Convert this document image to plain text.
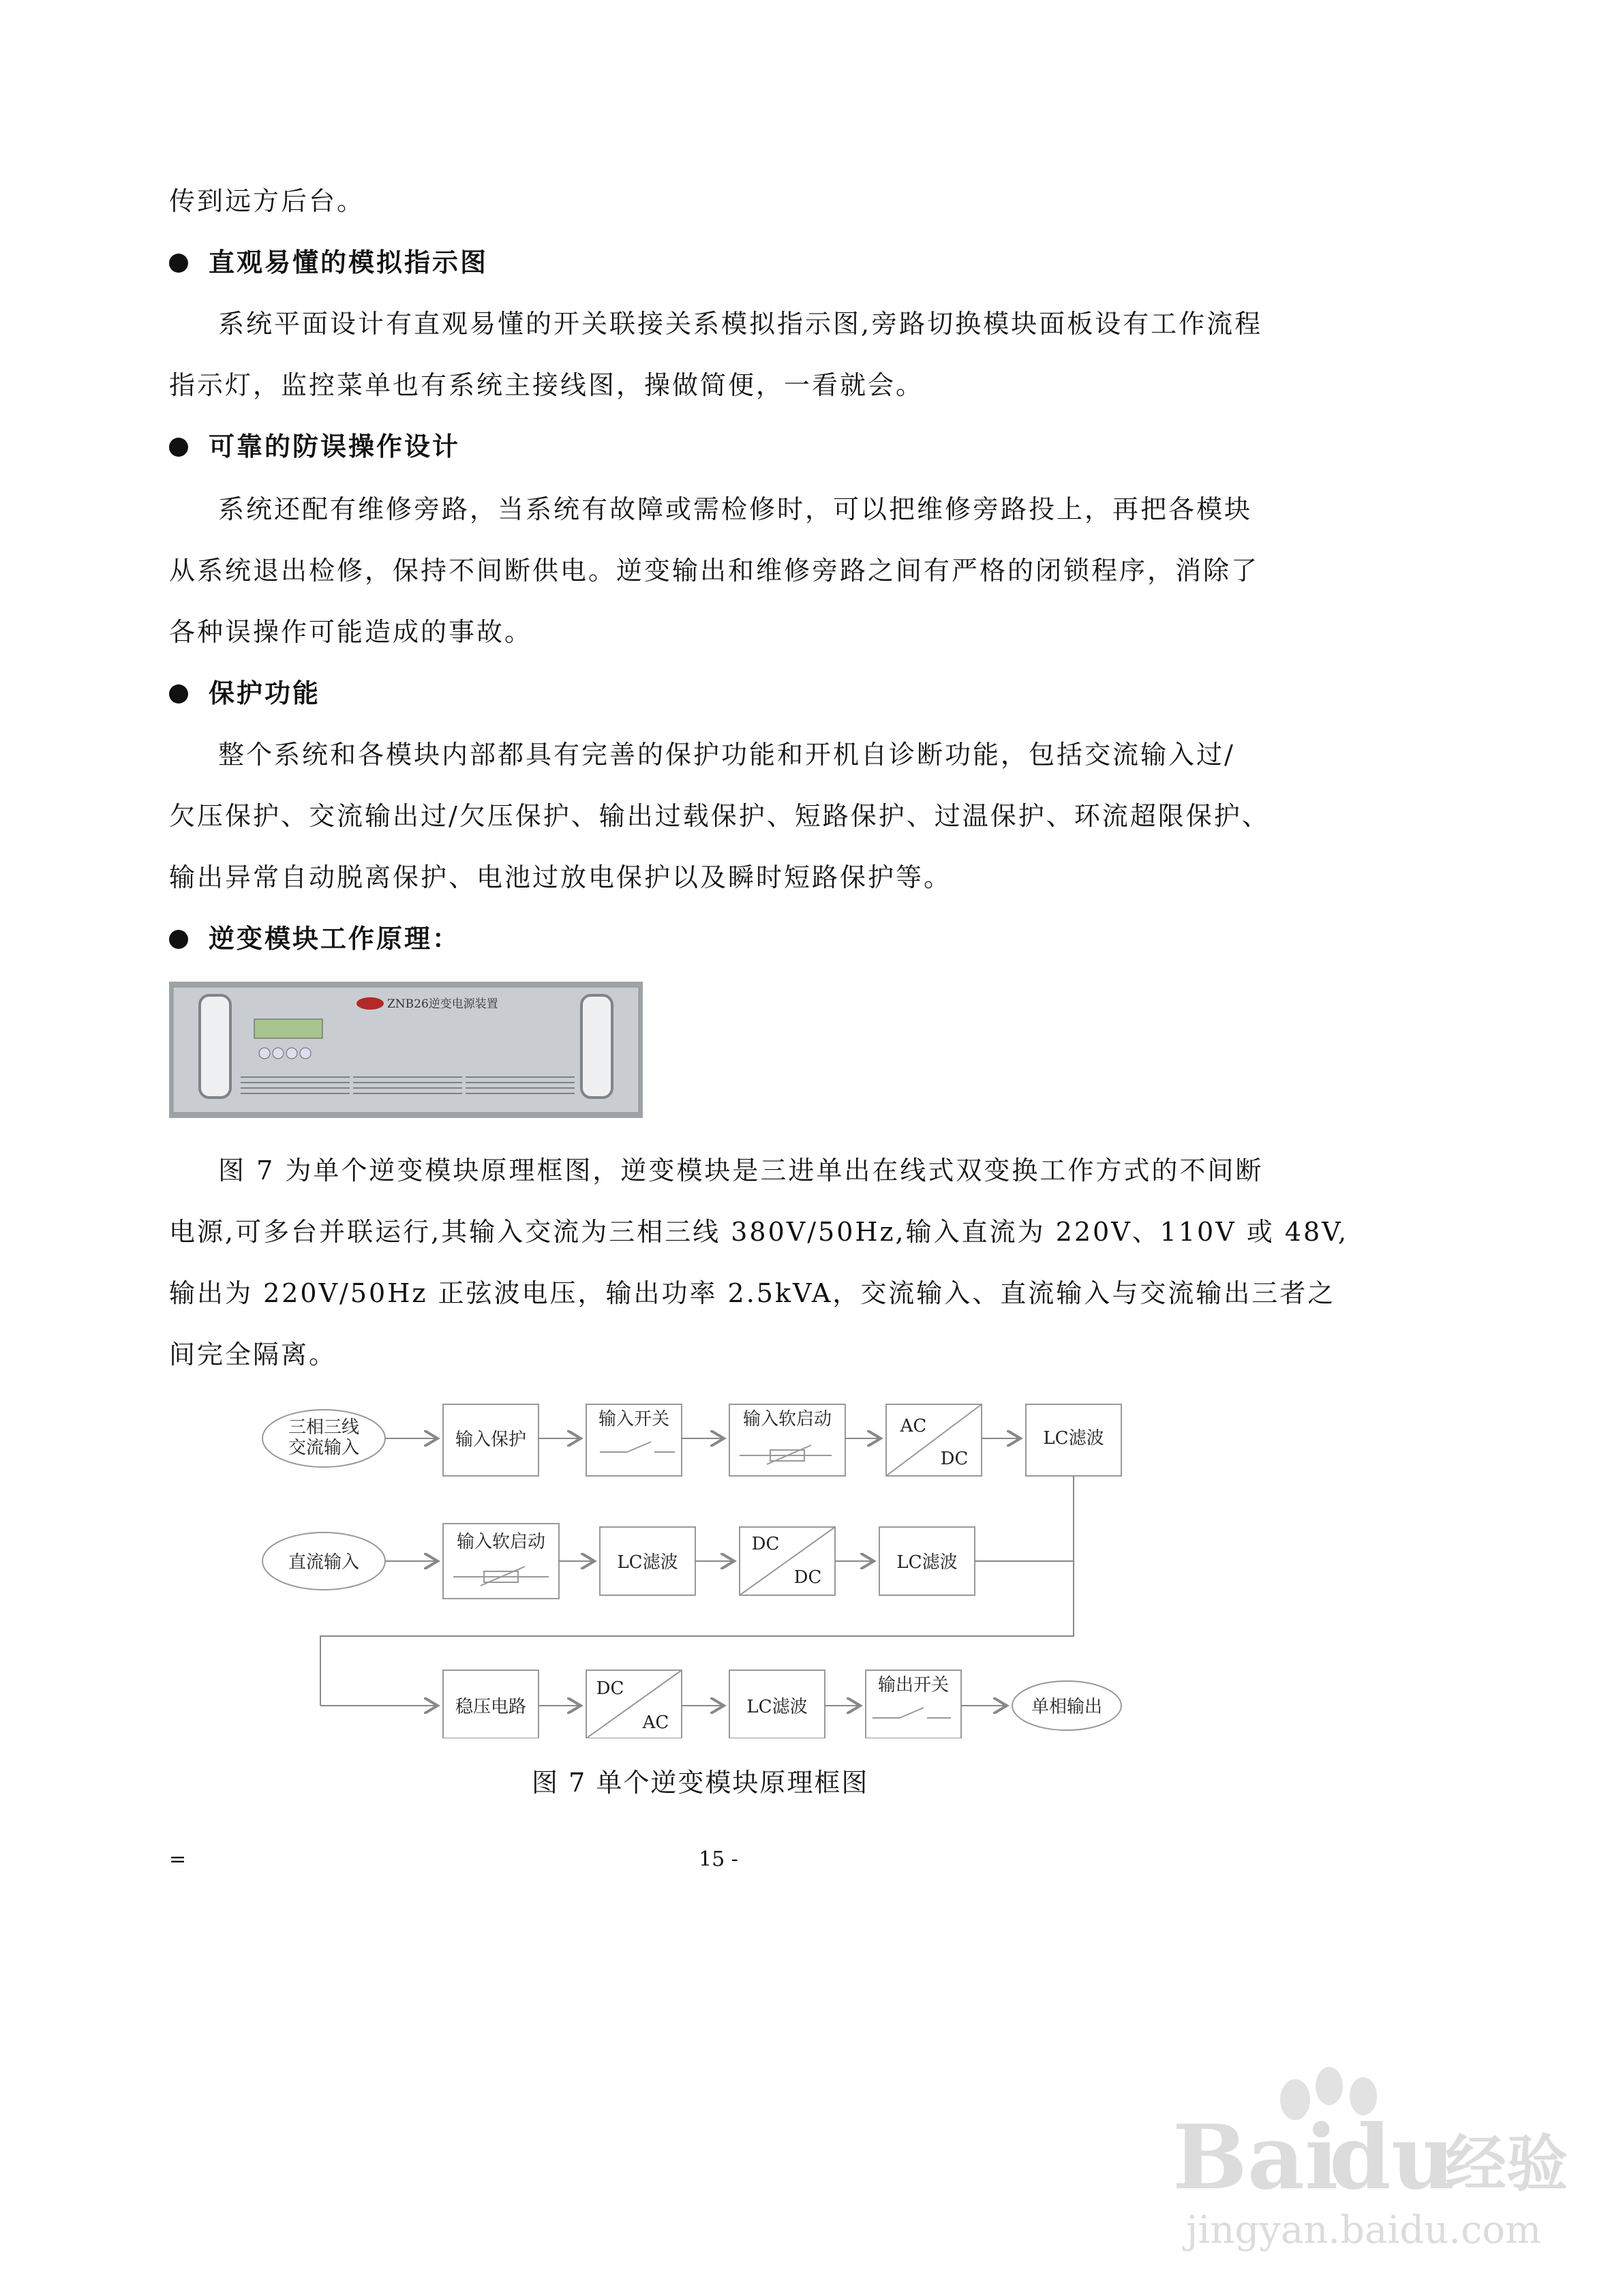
传到远方后台。
直观易懂的模拟指示图
系统平面设计有直观易懂的开关联接关系模拟指示图,旁路切换模块面板设有工作流程
指示灯，监控菜单也有系统主接线图，操做简便，一看就会。
可靠的防误操作设计
系统还配有维修旁路，当系统有故障或需检修时，可以把维修旁路投上，再把各模块
从系统退出检修，保持不间断供电。逆变输出和维修旁路之间有严格的闭锁程序，消除了
各种误操作可能造成的事故。
保护功能
整个系统和各模块内部都具有完善的保护功能和开机自诊断功能，包括交流输入过/
欠压保护、交流输出过/欠压保护、输出过载保护、短路保护、过温保护、环流超限保护、
输出异常自动脱离保护、电池过放电保护以及瞬时短路保护等。
逆变模块工作原理：
ZNB26逆变电源装置
图 7 为单个逆变模块原理框图，逆变模块是三进单出在线式双变换工作方式的不间断
电源,可多台并联运行,其输入交流为三相三线 380V/50Hz,输入直流为 220V、110V 或 48V,
输出为 220V/50Hz 正弦波电压，输出功率 2.5kVA，交流输入、直流输入与交流输出三者之
间完全隔离。
三相三线
交流输入	输入保护
输入开关	输入软启动	AC
DC
LC滤波
直流输入
输入软启动
LC滤波
DC
DC
LC滤波
稳压电路
DC
AC
LC滤波
输出开关
单相输出
图 7 单个逆变模块原理框图
=	15 -
Bai
du
经验
jingyan.baidu.com
